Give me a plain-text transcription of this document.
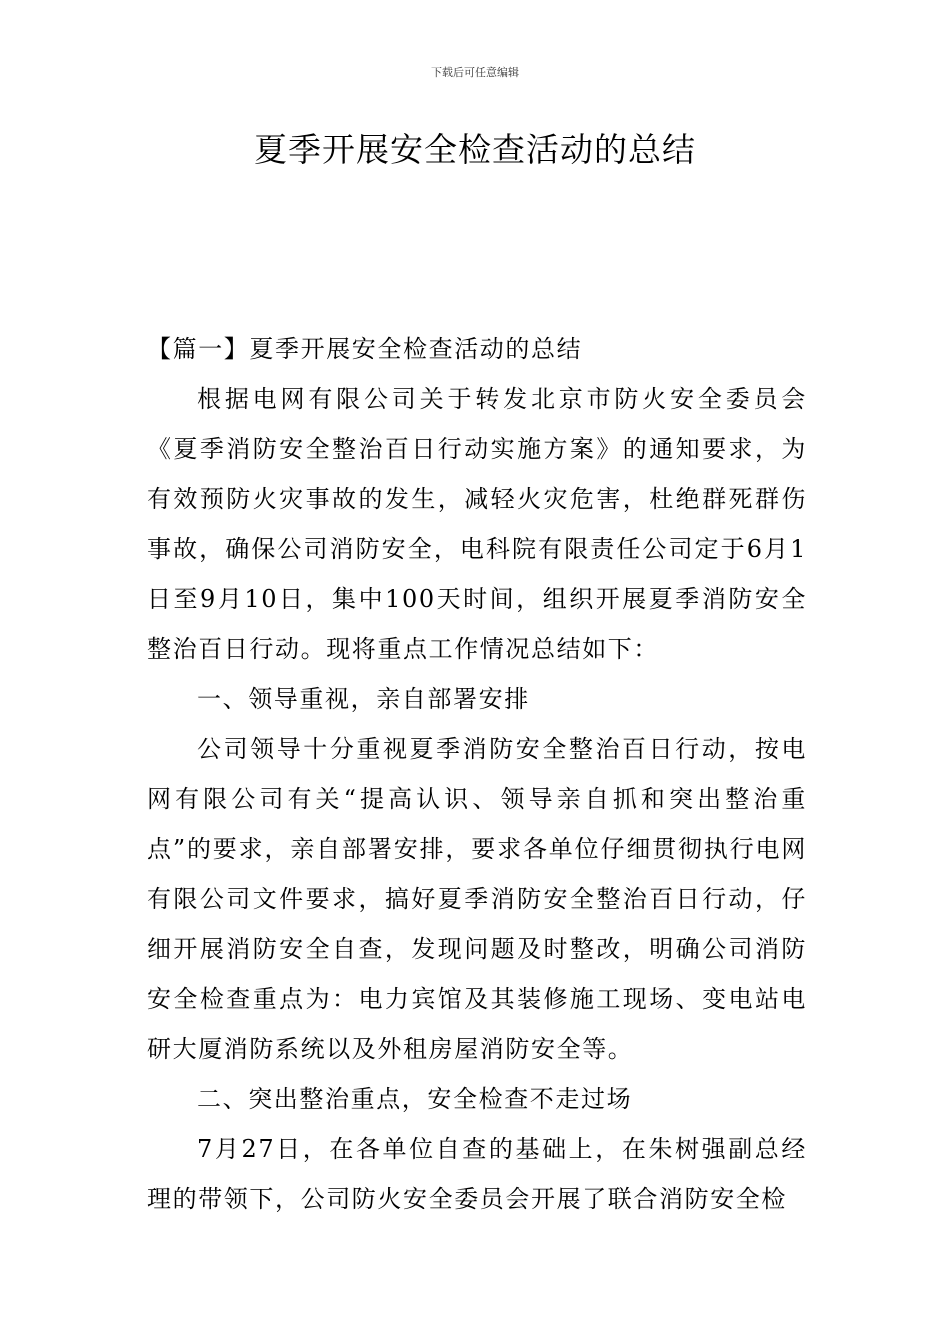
下载后可任意编辑
夏季开展安全检查活动的总结

【篇一】夏季开展安全检查活动的总结

根据电网有限公司关于转发北京市防火安全委员会《夏季消防安全整治百日行动实施方案》的通知要求，为有效预防火灾事故的发生，减轻火灾危害，杜绝群死群伤事故，确保公司消防安全，电科院有限责任公司定于6月1日至9月10日，集中100天时间，组织开展夏季消防安全整治百日行动。现将重点工作情况总结如下：

一、领导重视，亲自部署安排

公司领导十分重视夏季消防安全整治百日行动，按电网有限公司有关“提高认识、领导亲自抓和突出整治重点”的要求，亲自部署安排，要求各单位仔细贯彻执行电网有限公司文件要求，搞好夏季消防安全整治百日行动，仔细开展消防安全自查，发现问题及时整改，明确公司消防安全检查重点为：电力宾馆及其装修施工现场、变电站电研大厦消防系统以及外租房屋消防安全等。

二、突出整治重点，安全检查不走过场

7月27日，在各单位自查的基础上，在朱树强副总经理的带领下，公司防火安全委员会开展了联合消防安全检
